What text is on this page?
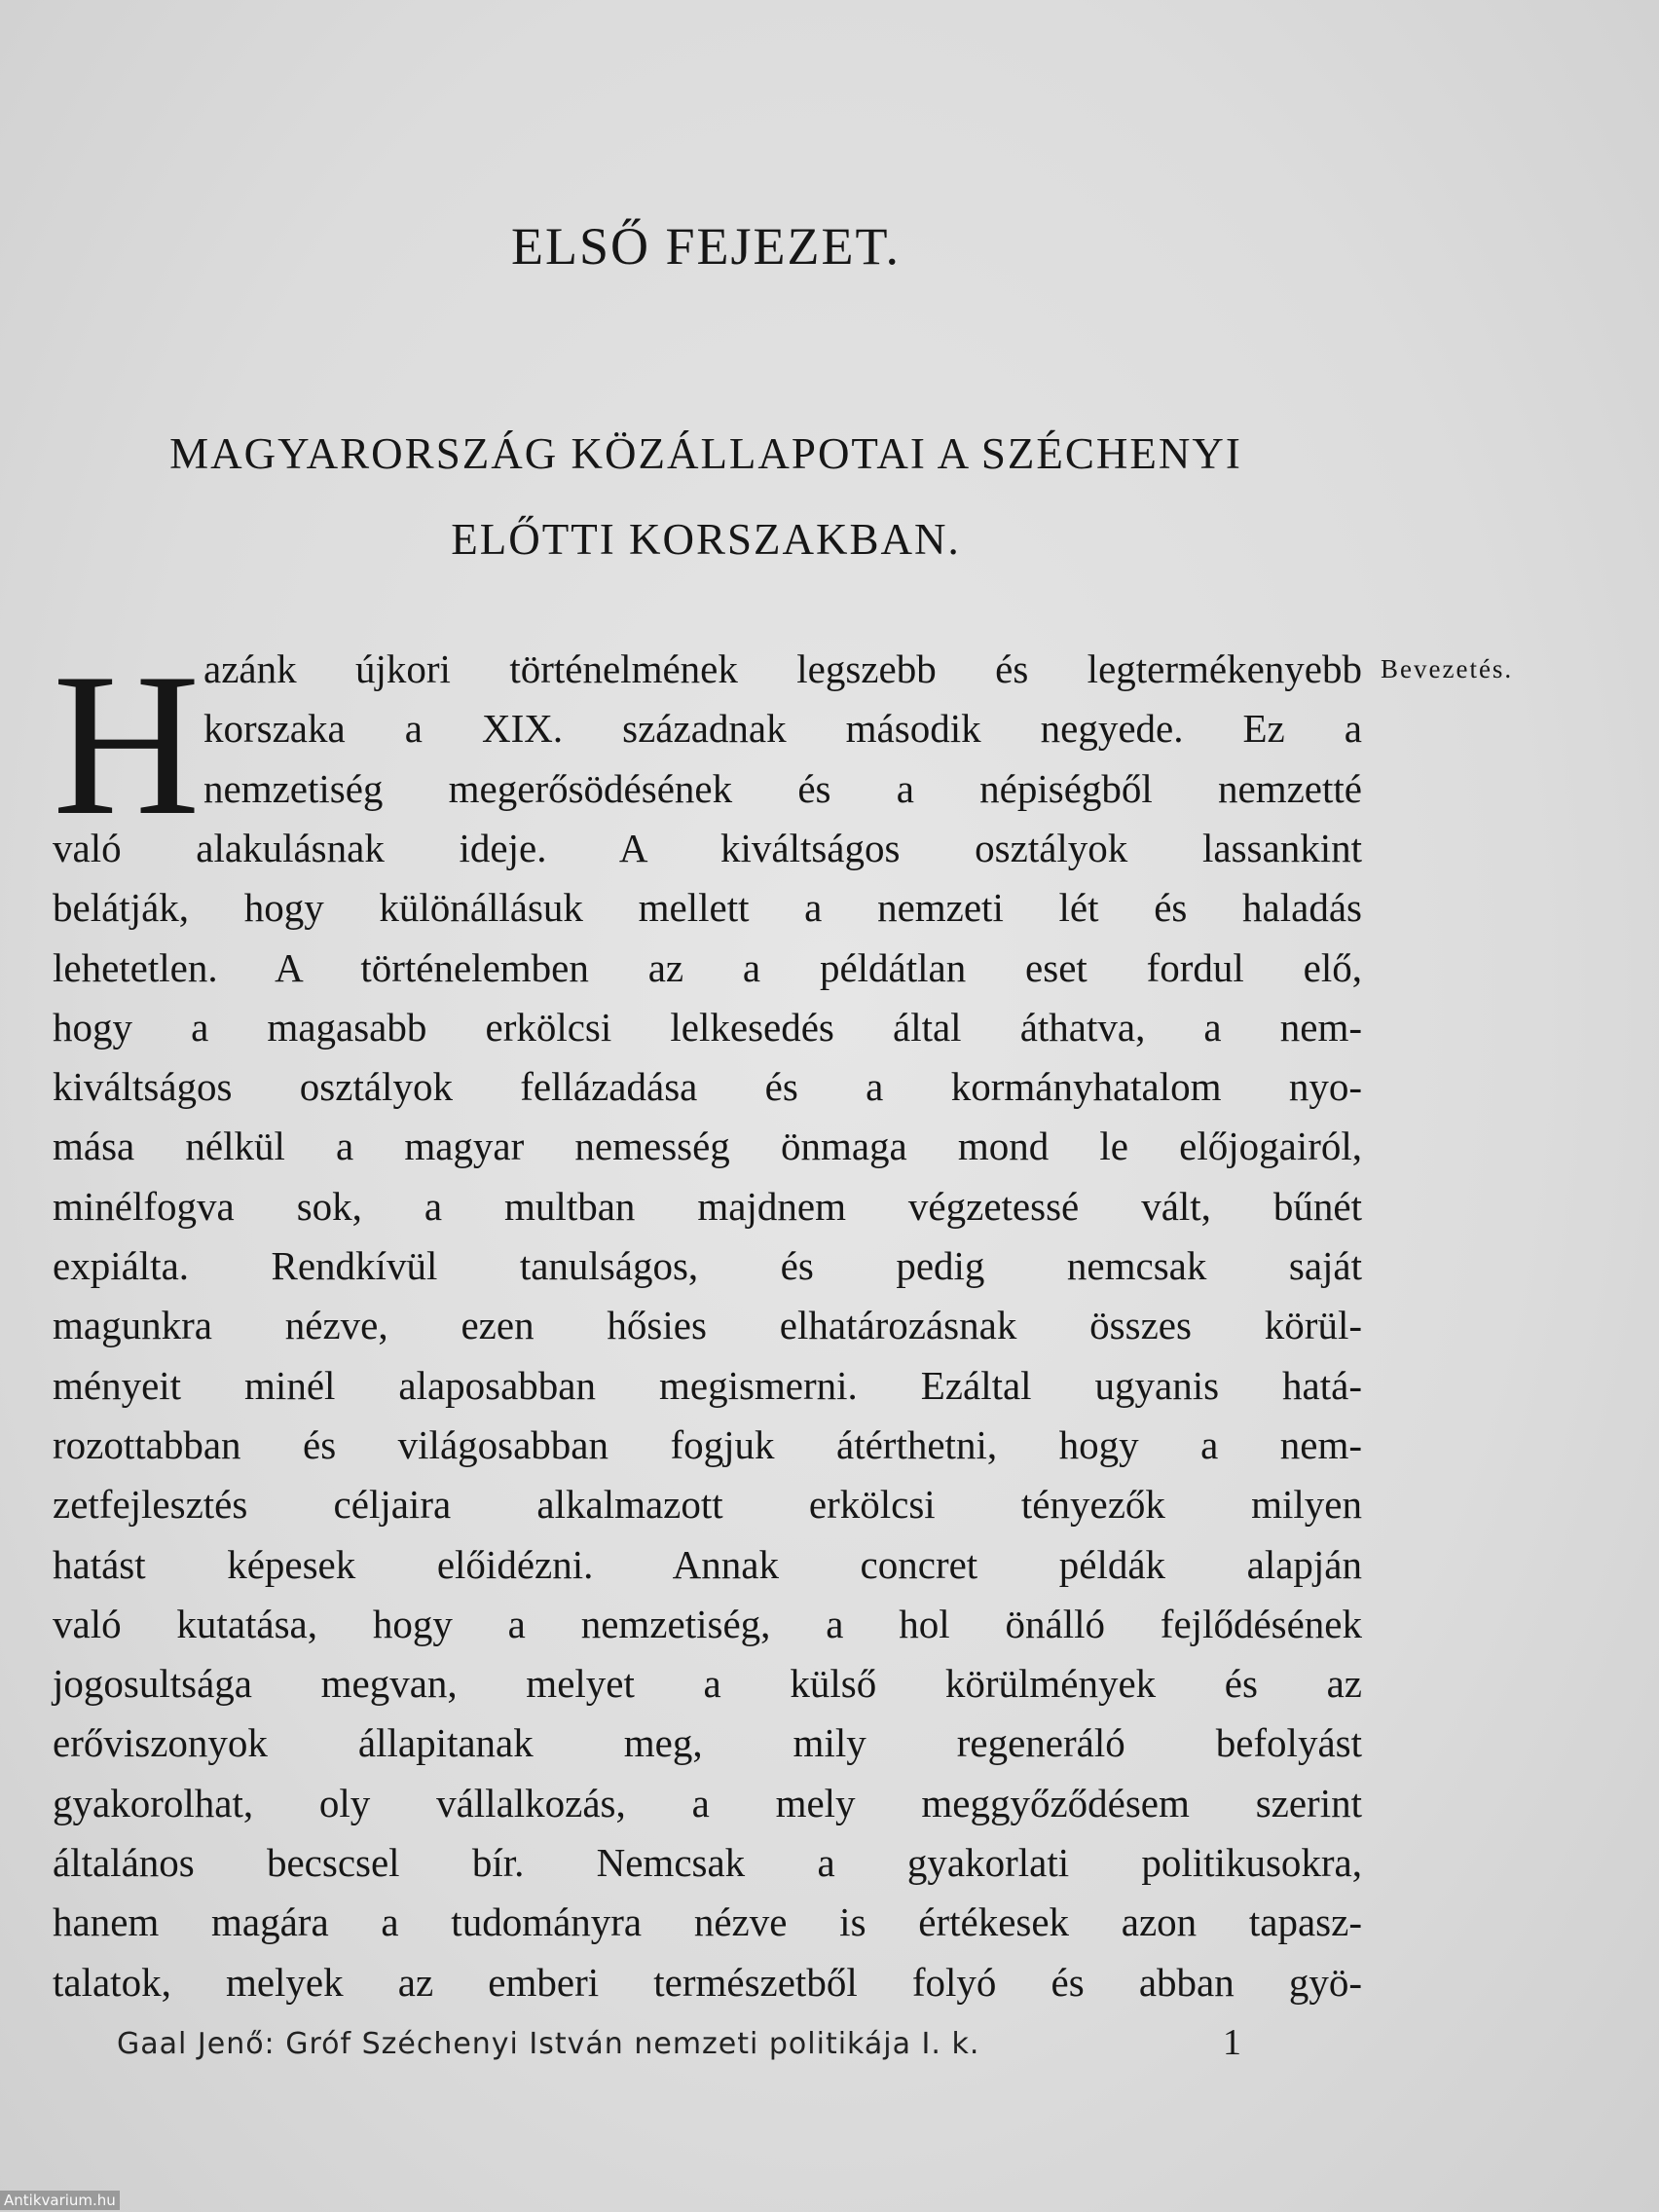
ELSŐ FEJEZET.
MAGYARORSZÁG KÖZÁLLAPOTAI A SZÉCHENYI
ELŐTTI KORSZAKBAN.
H	Bevezetés.
azánk újkori történelmének legszebb és legtermékenyebb
korszaka a XIX. századnak második negyede. Ez a
nemzetiség megerősödésének és a népiségből nemzetté
való alakulásnak ideje. A kiváltságos osztályok lassankint
belátják, hogy különállásuk mellett a nemzeti lét és haladás
lehetetlen. A történelemben az a példátlan eset fordul elő,
hogy a magasabb erkölcsi lelkesedés által áthatva, a nem-
kiváltságos osztályok fellázadása és a kormányhatalom nyo-
mása nélkül a magyar nemesség önmaga mond le előjogairól,
minélfogva sok, a multban majdnem végzetessé vált, bűnét
expiálta. Rendkívül tanulságos, és pedig nemcsak saját
magunkra nézve, ezen hősies elhatározásnak összes körül-
ményeit minél alaposabban megismerni. Ezáltal ugyanis hatá-
rozottabban és világosabban fogjuk átérthetni, hogy a nem-
zetfejlesztés céljaira alkalmazott erkölcsi tényezők milyen
hatást képesek előidézni. Annak concret példák alapján
való kutatása, hogy a nemzetiség, a hol önálló fejlődésének
jogosultsága megvan, melyet a külső körülmények és az
erőviszonyok állapitanak meg, mily regeneráló befolyást
gyakorolhat, oly vállalkozás, a mely meggyőződésem szerint
általános becscsel bír. Nemcsak a gyakorlati politikusokra,
hanem magára a tudományra nézve is értékesek azon tapasz-
talatok, melyek az emberi természetből folyó és abban gyö-
Gaal Jenő: Gróf Széchenyi István nemzeti politikája I. k.	1
Antikvarium.hu
